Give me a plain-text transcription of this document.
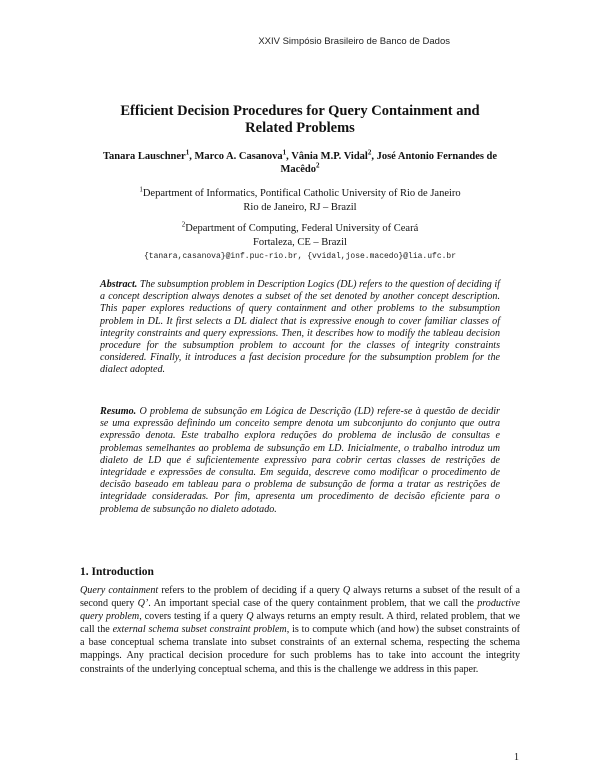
XXIV Simpósio Brasileiro de Banco de Dados
Efficient Decision Procedures for Query Containment and
Related Problems
Tanara Lauschner$^1$, Marco A. Casanova$^1$, Vânia M.P. Vidal$^2$, José Antonio Fernandes de Macêdo$^2$
$^1$Department of Informatics, Pontifical Catholic University of Rio de Janeiro
Rio de Janeiro, RJ – Brazil
$^2$Department of Computing, Federal University of Ceará
Fortaleza, CE – Brazil
{tanara,casanova}@inf.puc-rio.br, {vvidal,jose.macedo}@lia.ufc.br
Abstract. The subsumption problem in Description Logics (DL) refers to the question of deciding if a concept description always denotes a subset of the set denoted by another concept description. This paper explores reductions of query containment and other problems to the subsumption problem in DL. It first selects a DL dialect that is expressive enough to cover familiar classes of integrity constraints and query expressions. Then, it describes how to modify the tableau decision procedure for the subsumption problem to account for the classes of integrity constraints considered. Finally, it introduces a fast decision procedure for the subsumption problem for the dialect adopted.
Resumo. O problema de subsunção em Lógica de Descrição (LD) refere-se à questão de decidir se uma expressão definindo um conceito sempre denota um subconjunto do conjunto que outra expressão denota. Este trabalho explora reduções do problema de inclusão de consultas e problemas semelhantes ao problema de subsunção em LD. Inicialmente, o trabalho introduz um dialeto de LD que é suficientemente expressivo para cobrir certas classes de restrições de integridade e expressões de consulta. Em seguida, descreve como modificar o procedimento de decisão baseado em tableau para o problema de subsunção de forma a tratar as restrições de integridade consideradas. Por fim, apresenta um procedimento de decisão eficiente para o problema de subsunção no dialeto adotado.
1. Introduction
Query containment refers to the problem of deciding if a query Q always returns a subset of the result of a second query Q’. An important special case of the query containment problem, that we call the productive query problem, covers testing if a query Q always returns an empty result. A third, related problem, that we call the external schema subset constraint problem, is to compute which (and how) the subset constraints of a base conceptual schema translate into subset constraints of an external schema, respecting the schema mappings. Any practical decision procedure for such problems has to take into account the integrity constraints of the underlying conceptual schema, and this is the challenge we address in this paper.
1
